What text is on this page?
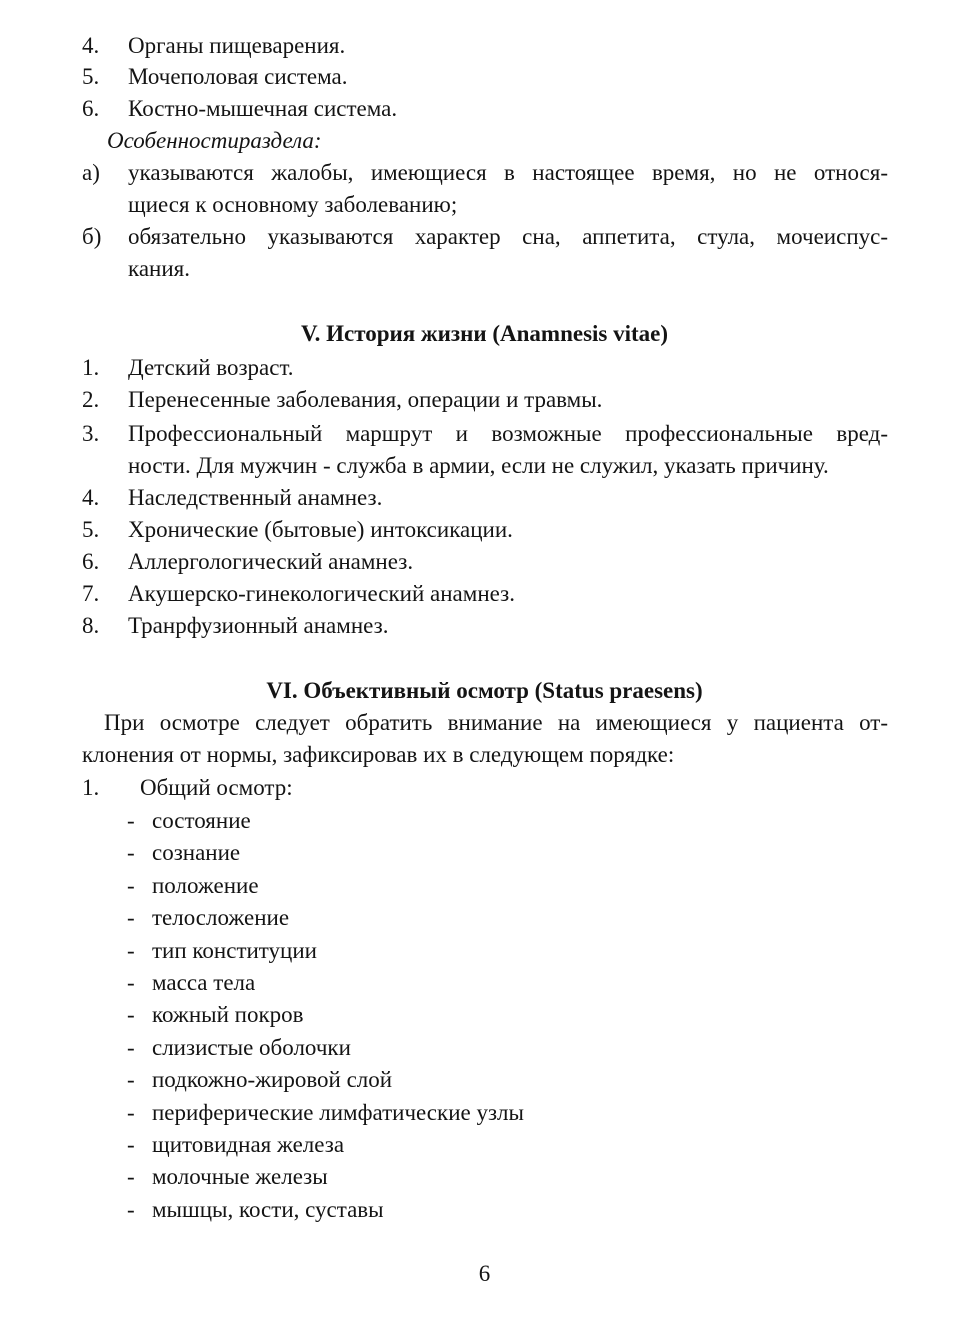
4. Органы пищеварения.
5. Мочеполовая система.
6. Костно-мышечная система.
Особенностираздела:
а) указываются жалобы, имеющиеся в настоящее время, но не относя-
щиеся к основному заболеванию;
б) обязательно указываются характер сна, аппетита, стула, мочеиспус-
кания.
V. История жизни (Anamnesis vitae)
1. Детский возраст.
2. Перенесенные заболевания, операции и травмы.
3. Профессиональный маршрут и возможные профессиональные вред-
ности. Для мужчин - служба в армии, если не служил, указать причину.
4. Наследственный анамнез.
5. Хронические (бытовые) интоксикации.
6. Аллергологический анамнез.
7. Акушерско-гинекологический анамнез.
8. Транрфузионный анамнез.
VI. Объективный осмотр (Status praesens)
При осмотре следует обратить внимание на имеющиеся у пациента от-
клонения от нормы, зафиксировав их в следующем порядке:
1. Общий осмотр:
- состояние
- сознание
- положение
- телосложение
- тип конституции
- масса тела
- кожный покров
- слизистые оболочки
- подкожно-жировой слой
- периферические лимфатические узлы
- щитовидная железа
- молочные железы
- мышцы, кости, суставы
6
